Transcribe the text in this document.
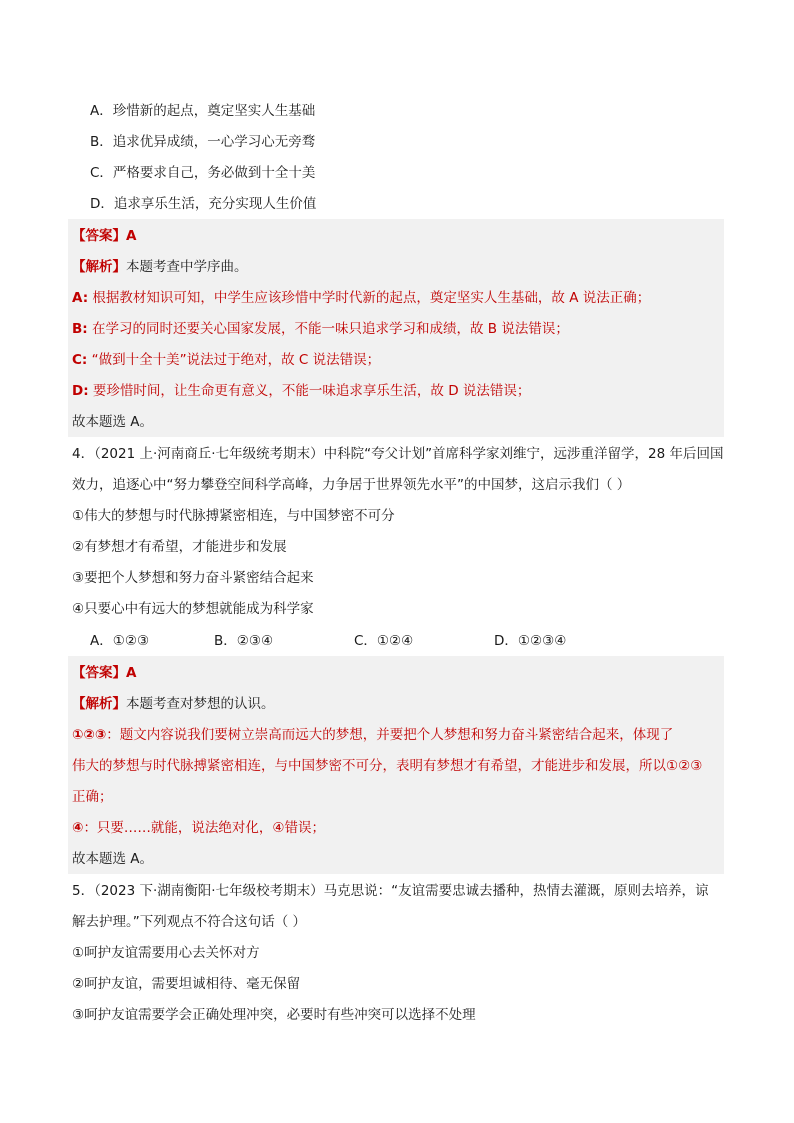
A．珍惜新的起点，奠定坚实人生基础
B．追求优异成绩，一心学习心无旁骛
C．严格要求自己，务必做到十全十美
D．追求享乐生活，充分实现人生价值
【答案】A
【解析】本题考查中学序曲。
A: 根据教材知识可知，中学生应该珍惜中学时代新的起点，奠定坚实人生基础，故 A 说法正确；
B: 在学习的同时还要关心国家发展，不能一味只追求学习和成绩，故 B 说法错误；
C: “做到十全十美”说法过于绝对，故 C 说法错误；
D: 要珍惜时间，让生命更有意义，不能一味追求享乐生活，故 D 说法错误；
故本题选 A。
4．（2021 上·河南商丘·七年级统考期末）中科院“夸父计划”首席科学家刘维宁，远涉重洋留学，28 年后回国
效力，追逐心中“努力攀登空间科学高峰，力争居于世界领先水平”的中国梦，这启示我们（ ）
①伟大的梦想与时代脉搏紧密相连，与中国梦密不可分
②有梦想才有希望，才能进步和发展
③要把个人梦想和努力奋斗紧密结合起来
④只要心中有远大的梦想就能成为科学家
A．①②③	B．②③④	C．①②④	D．①②③④
【答案】A
【解析】本题考查对梦想的认识。
①②③：题文内容说我们要树立崇高而远大的梦想，并要把个人梦想和努力奋斗紧密结合起来，体现了
伟大的梦想与时代脉搏紧密相连，与中国梦密不可分，表明有梦想才有希望，才能进步和发展，所以①②③
正确；
④：只要……就能，说法绝对化，④错误；
故本题选 A。
5．（2023 下·湖南衡阳·七年级校考期末）马克思说：“友谊需要忠诚去播种，热情去灌溉，原则去培养，谅
解去护理。”下列观点不符合这句话（ ）
①呵护友谊需要用心去关怀对方
②呵护友谊，需要坦诚相待、毫无保留
③呵护友谊需要学会正确处理冲突，必要时有些冲突可以选择不处理
